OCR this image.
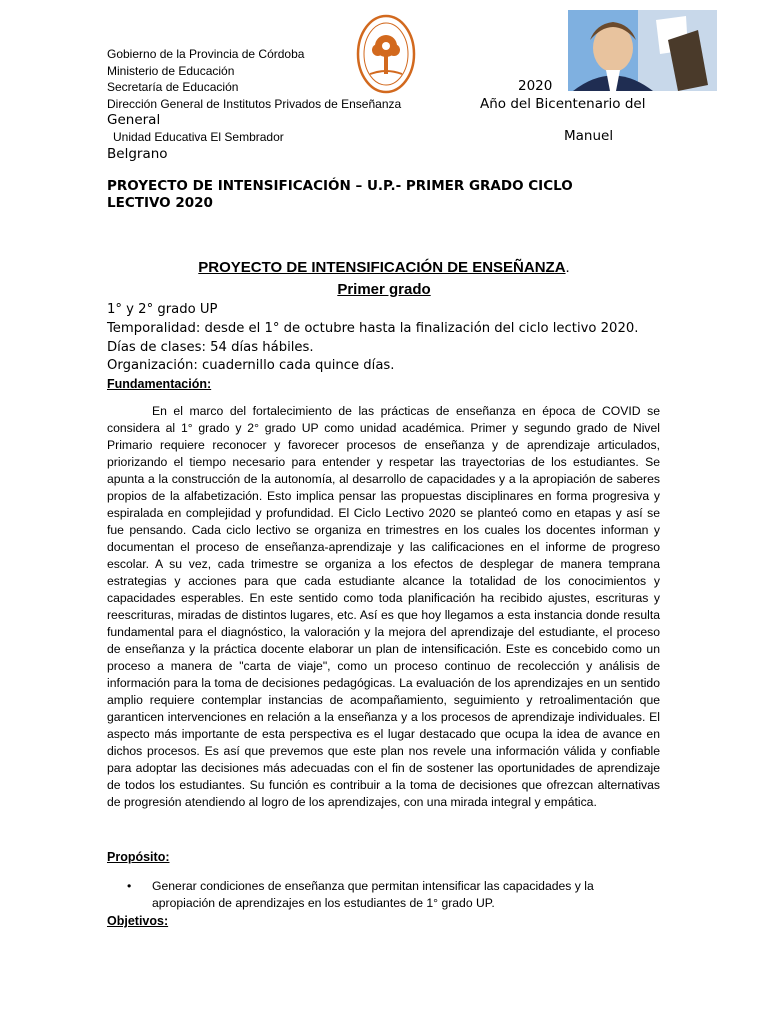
Gobierno de la Provincia de Córdoba
Ministerio de Educación
Secretaría de Educación
Dirección General de Institutos Privados de Enseñanza
2020
Año del Bicentenario del
General
Unidad Educativa El Sembrador	Manuel
Belgrano
PROYECTO DE INTENSIFICACIÓN – U.P.- PRIMER GRADO CICLO LECTIVO 2020
PROYECTO DE INTENSIFICACIÓN DE ENSEÑANZA.
Primer grado
1° y 2° grado UP
Temporalidad: desde el 1° de octubre hasta la finalización del ciclo lectivo 2020.
Días de clases: 54 días hábiles.
Organización: cuadernillo cada quince días.
Fundamentación:
En el marco del fortalecimiento de las prácticas de enseñanza en época de COVID se considera al 1° grado y 2° grado UP como unidad académica. Primer y segundo grado de Nivel Primario requiere reconocer y favorecer procesos de enseñanza y de aprendizaje articulados, priorizando el tiempo necesario para entender y respetar las trayectorias de los estudiantes. Se apunta a la construcción de la autonomía, al desarrollo de capacidades y a la apropiación de saberes propios de la alfabetización. Esto implica pensar las propuestas disciplinares en forma progresiva y espiralada en complejidad y profundidad. El Ciclo Lectivo 2020 se planteó como en etapas y así se fue pensando. Cada ciclo lectivo se organiza en trimestres en los cuales los docentes informan y documentan el proceso de enseñanza-aprendizaje y las calificaciones en el informe de progreso escolar. A su vez, cada trimestre se organiza a los efectos de desplegar de manera temprana estrategias y acciones para que cada estudiante alcance la totalidad de los conocimientos y capacidades esperables. En este sentido como toda planificación ha recibido ajustes, escrituras y reescrituras, miradas de distintos lugares, etc. Así es que hoy llegamos a esta instancia donde resulta fundamental para el diagnóstico, la valoración y la mejora del aprendizaje del estudiante, el proceso de enseñanza y la práctica docente elaborar un plan de intensificación. Este es concebido como un proceso a manera de "carta de viaje", como un proceso continuo de recolección y análisis de información para la toma de decisiones pedagógicas. La evaluación de los aprendizajes en un sentido amplio requiere contemplar instancias de acompañamiento, seguimiento y retroalimentación que garanticen intervenciones en relación a la enseñanza y a los procesos de aprendizaje individuales. El aspecto más importante de esta perspectiva es el lugar destacado que ocupa la idea de avance en dichos procesos. Es así que prevemos que este plan nos revele una información válida y confiable para adoptar las decisiones más adecuadas con el fin de sostener las oportunidades de aprendizaje de todos los estudiantes. Su función es contribuir a la toma de decisiones que ofrezcan alternativas de progresión atendiendo al logro de los aprendizajes, con una mirada integral y empática.
Propósito:
• Generar condiciones de enseñanza que permitan intensificar las capacidades y la apropiación de aprendizajes en los estudiantes de 1° grado UP.
Objetivos:
